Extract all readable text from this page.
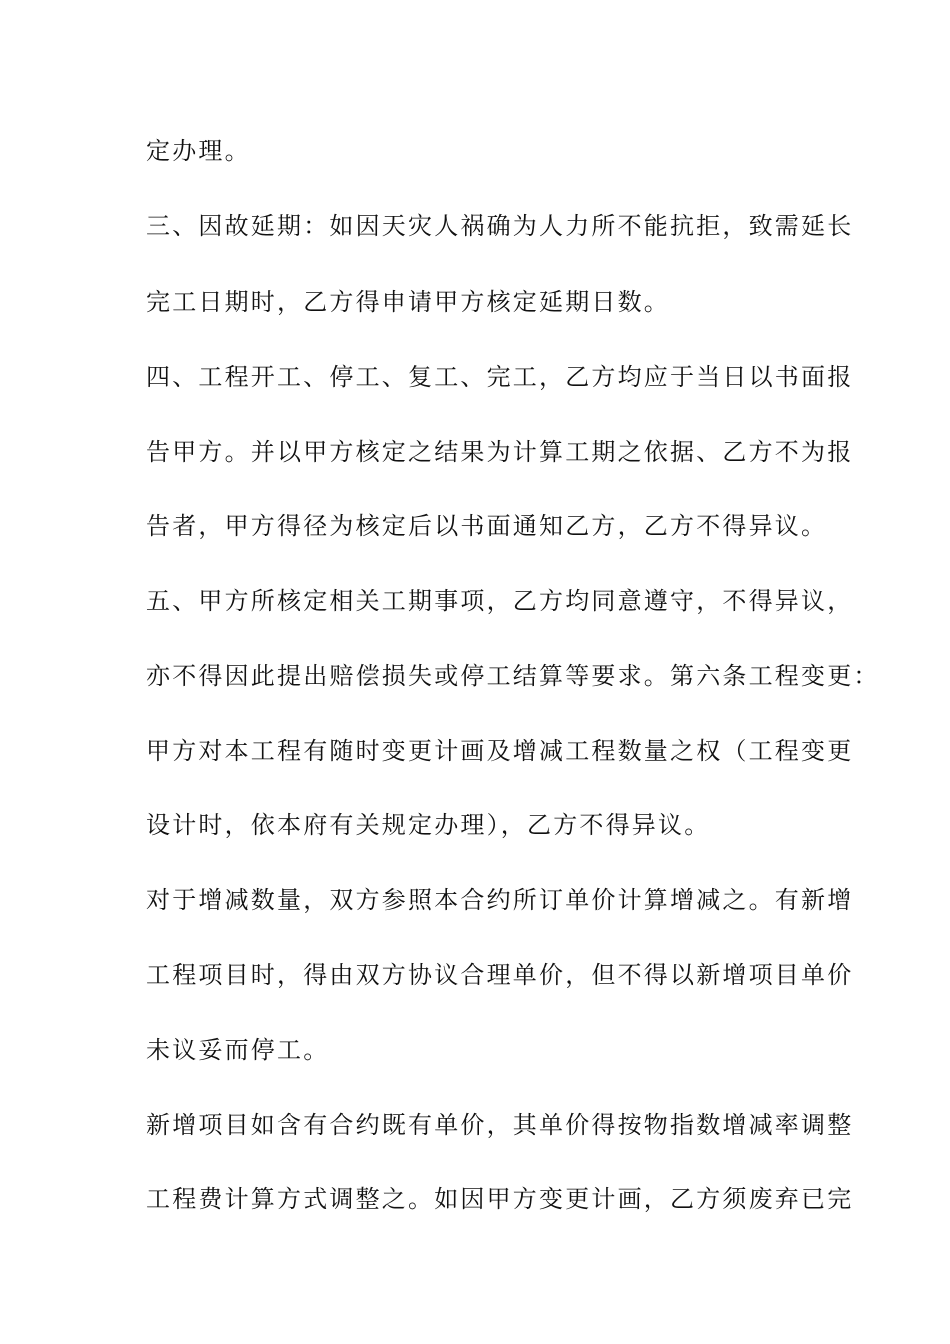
定办理。
三、因故延期：如因天灾人祸确为人力所不能抗拒，致需延长
完工日期时，乙方得申请甲方核定延期日数。
四、工程开工、停工、复工、完工，乙方均应于当日以书面报
告甲方。并以甲方核定之结果为计算工期之依据、乙方不为报
告者，甲方得径为核定后以书面通知乙方，乙方不得异议。
五、甲方所核定相关工期事项，乙方均同意遵守，不得异议，
亦不得因此提出赔偿损失或停工结算等要求。第六条工程变更：
甲方对本工程有随时变更计画及增减工程数量之权（工程变更
设计时，依本府有关规定办理），乙方不得异议。
对于增减数量，双方参照本合约所订单价计算增减之。有新增
工程项目时，得由双方协议合理单价，但不得以新增项目单价
未议妥而停工。
新增项目如含有合约既有单价，其单价得按物指数增减率调整
工程费计算方式调整之。如因甲方变更计画，乙方须废弃已完
